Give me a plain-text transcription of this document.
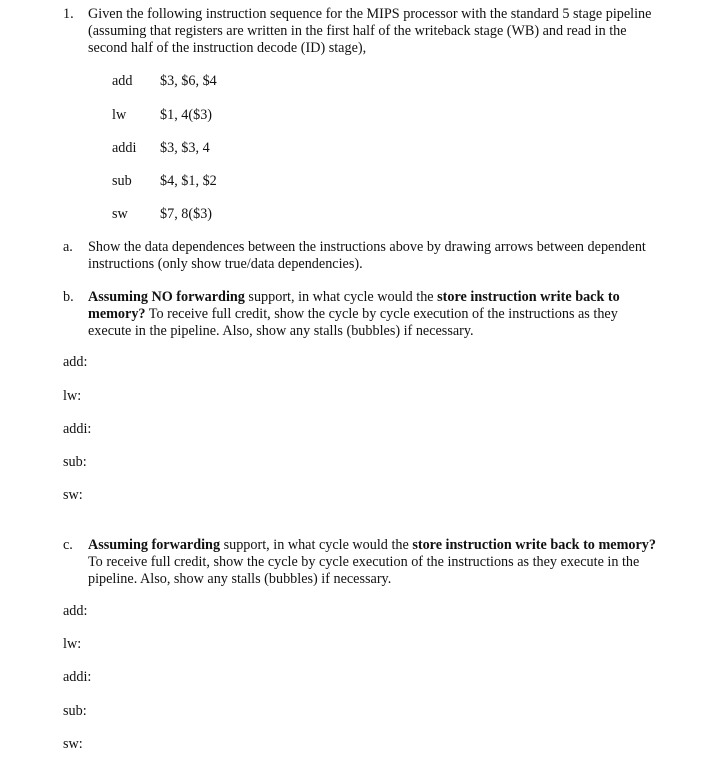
1. Given the following instruction sequence for the MIPS processor with the standard 5 stage pipeline
(assuming that registers are written in the first half of the writeback stage (WB) and read in the
second half of the instruction decode (ID) stage),
add $3, $6, $4
lw $1, 4($3)
addi $3, $3, 4
sub $4, $1, $2
sw $7, 8($3)
a. Show the data dependences between the instructions above by drawing arrows between dependent
instructions (only show true/data dependencies).
b. Assuming NO forwarding support, in what cycle would the store instruction write back to
memory? To receive full credit, show the cycle by cycle execution of the instructions as they
execute in the pipeline. Also, show any stalls (bubbles) if necessary.
add:
lw:
addi:
sub:
sw:
c. Assuming forwarding support, in what cycle would the store instruction write back to memory?
To receive full credit, show the cycle by cycle execution of the instructions as they execute in the
pipeline. Also, show any stalls (bubbles) if necessary.
add:
lw:
addi:
sub:
sw:
